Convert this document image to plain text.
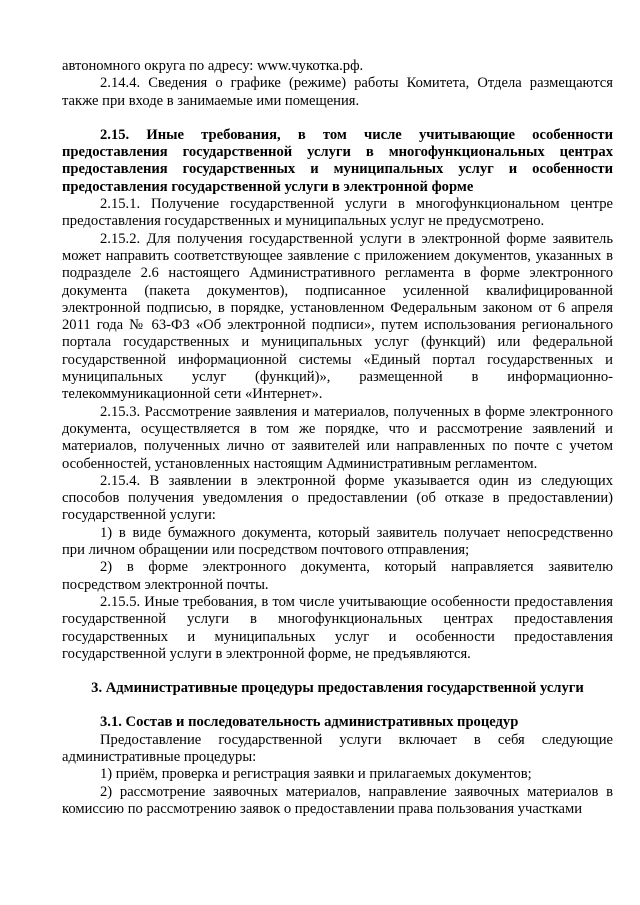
автономного округа по адресу: www.чукотка.рф.

2.14.4. Сведения о графике (режиме) работы Комитета, Отдела размещаются также при входе в занимаемые ими помещения.

2.15. Иные требования, в том числе учитывающие особенности предоставления государственной услуги в многофункциональных центрах предоставления государственных и муниципальных услуг и особенности предоставления государственной услуги в электронной форме

2.15.1. Получение государственной услуги в многофункциональном центре предоставления государственных и муниципальных услуг не предусмотрено.

2.15.2. Для получения государственной услуги в электронной форме заявитель может направить соответствующее заявление с приложением документов, указанных в подразделе 2.6 настоящего Административного регламента в форме электронного документа (пакета документов), подписанное усиленной квалифицированной электронной подписью, в порядке, установленном Федеральным законом от 6 апреля 2011 года № 63-ФЗ «Об электронной подписи», путем использования регионального портала государственных и муниципальных услуг (функций) или федеральной государственной информационной системы «Единый портал государственных и муниципальных услуг (функций)», размещенной в информационно-телекоммуникационной сети «Интернет».

2.15.3. Рассмотрение заявления и материалов, полученных в форме электронного документа, осуществляется в том же порядке, что и рассмотрение заявлений и материалов, полученных лично от заявителей или направленных по почте с учетом особенностей, установленных настоящим Административным регламентом.

2.15.4. В заявлении в электронной форме указывается один из следующих способов получения уведомления о предоставлении (об отказе в предоставлении) государственной услуги:

1) в виде бумажного документа, который заявитель получает непосредственно при личном обращении или посредством почтового отправления;

2) в форме электронного документа, который направляется заявителю посредством электронной почты.

2.15.5. Иные требования, в том числе учитывающие особенности предоставления государственной услуги в многофункциональных центрах предоставления государственных и муниципальных услуг и особенности предоставления государственной услуги в электронной форме, не предъявляются.

3. Административные процедуры предоставления государственной услуги

3.1. Состав и последовательность административных процедур

Предоставление государственной услуги включает в себя следующие административные процедуры:

1) приём, проверка и регистрация заявки и прилагаемых документов;

2) рассмотрение заявочных материалов, направление заявочных материалов в комиссию по рассмотрению заявок о предоставлении права пользования участками
